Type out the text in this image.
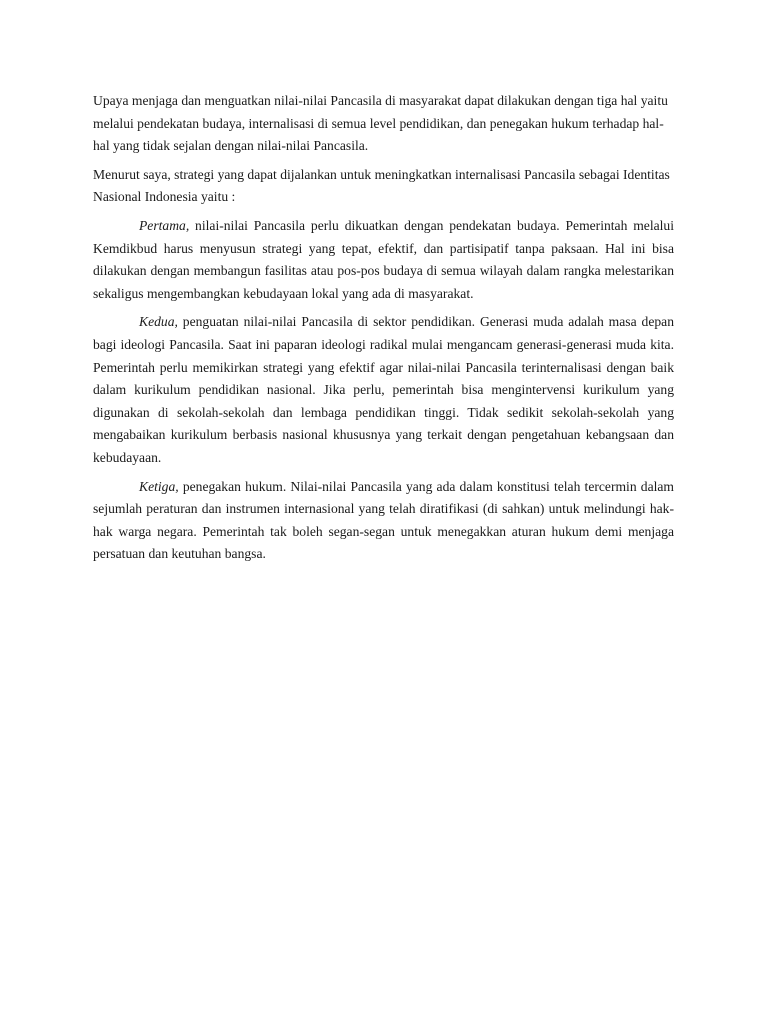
Upaya menjaga dan menguatkan nilai-nilai Pancasila di masyarakat dapat dilakukan dengan tiga hal yaitu melalui pendekatan budaya, internalisasi di semua level pendidikan, dan penegakan hukum terhadap hal-hal yang tidak sejalan dengan nilai-nilai Pancasila.

Menurut saya, strategi yang dapat dijalankan untuk meningkatkan internalisasi Pancasila sebagai Identitas Nasional Indonesia yaitu :

Pertama, nilai-nilai Pancasila perlu dikuatkan dengan pendekatan budaya. Pemerintah melalui Kemdikbud harus menyusun strategi yang tepat, efektif, dan partisipatif tanpa paksaan. Hal ini bisa dilakukan dengan membangun fasilitas atau pos-pos budaya di semua wilayah dalam rangka melestarikan sekaligus mengembangkan kebudayaan lokal yang ada di masyarakat.

Kedua, penguatan nilai-nilai Pancasila di sektor pendidikan. Generasi muda adalah masa depan bagi ideologi Pancasila. Saat ini paparan ideologi radikal mulai mengancam generasi-generasi muda kita. Pemerintah perlu memikirkan strategi yang efektif agar nilai-nilai Pancasila terinternalisasi dengan baik dalam kurikulum pendidikan nasional. Jika perlu, pemerintah bisa mengintervensi kurikulum yang digunakan di sekolah-sekolah dan lembaga pendidikan tinggi. Tidak sedikit sekolah-sekolah yang mengabaikan kurikulum berbasis nasional khususnya yang terkait dengan pengetahuan kebangsaan dan kebudayaan.

Ketiga, penegakan hukum. Nilai-nilai Pancasila yang ada dalam konstitusi telah tercermin dalam sejumlah peraturan dan instrumen internasional yang telah diratifikasi (di sahkan) untuk melindungi hak-hak warga negara. Pemerintah tak boleh segan-segan untuk menegakkan aturan hukum demi menjaga persatuan dan keutuhan bangsa.
